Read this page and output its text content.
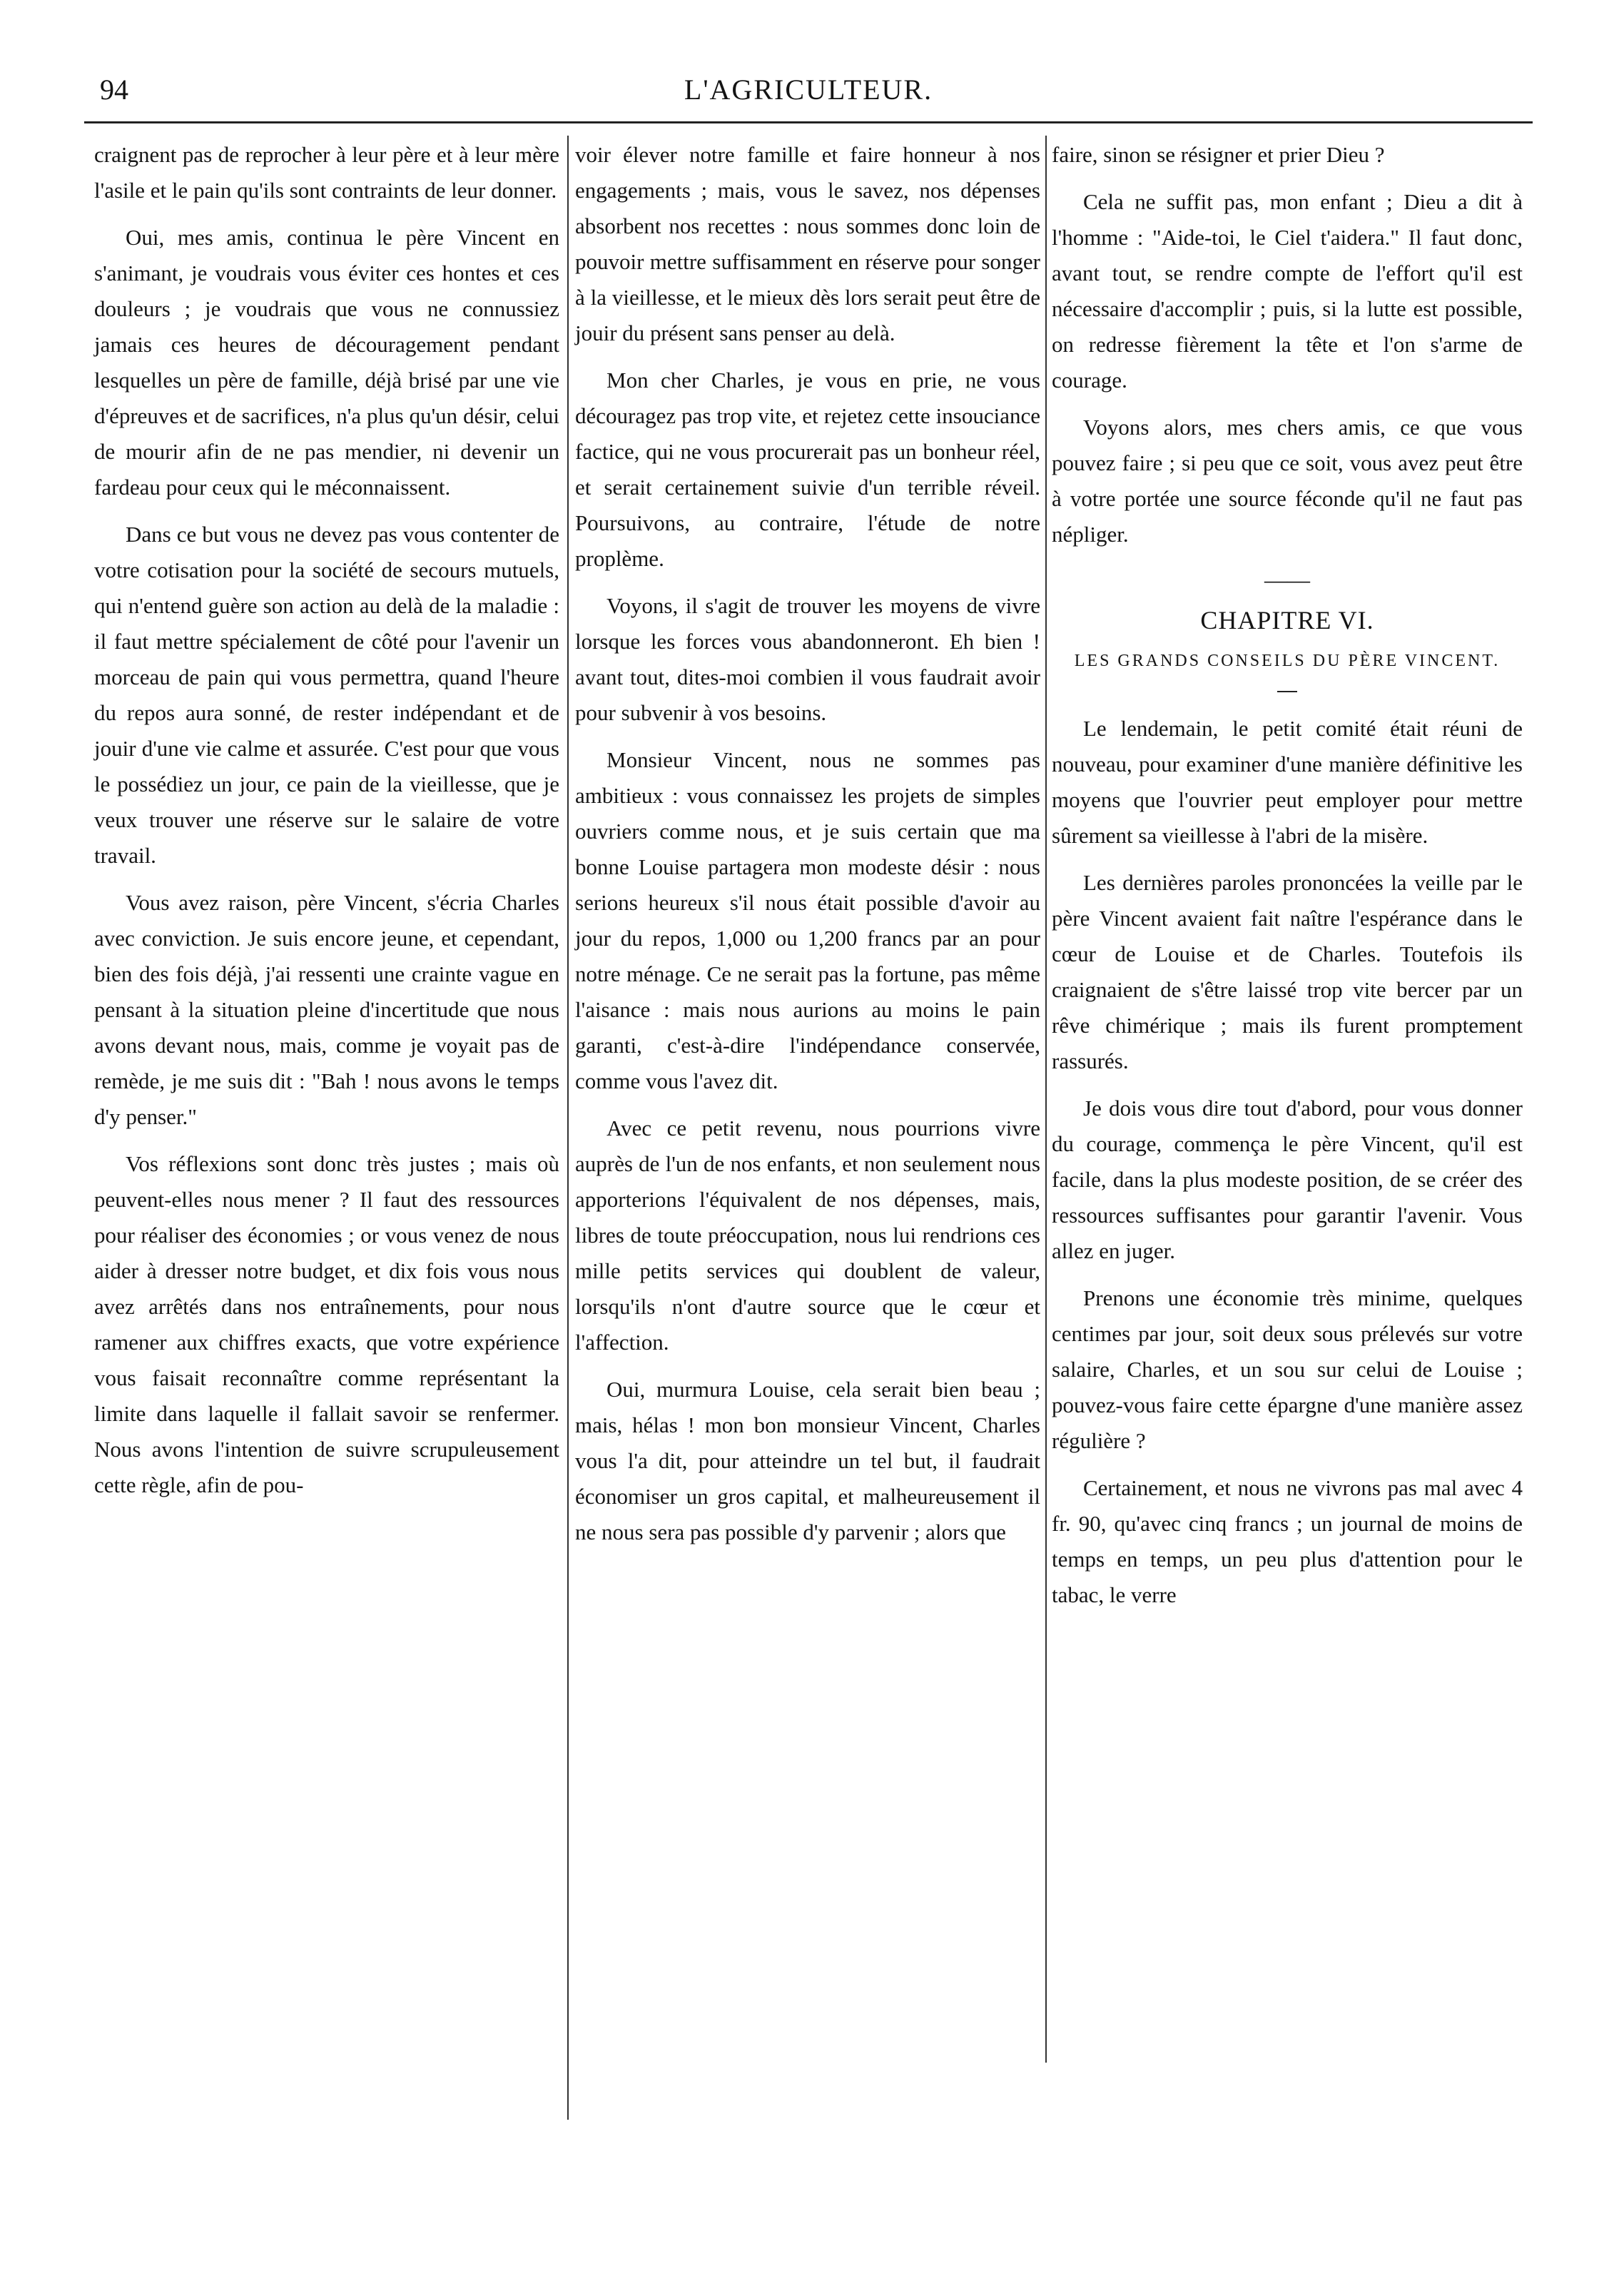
94	L'AGRICULTEUR.

craignent pas de reprocher à leur père et à leur mère l'asile et le pain qu'ils sont contraints de leur donner.

Oui, mes amis, continua le père Vincent en s'animant, je voudrais vous éviter ces hontes et ces douleurs ; je voudrais que vous ne connussiez jamais ces heures de découragement pendant lesquelles un père de famille, déjà brisé par une vie d'épreuves et de sacrifices, n'a plus qu'un désir, celui de mourir afin de ne pas mendier, ni devenir un fardeau pour ceux qui le méconnaissent.

Dans ce but vous ne devez pas vous contenter de votre cotisation pour la société de secours mutuels, qui n'entend guère son action au delà de la maladie : il faut mettre spécialement de côté pour l'avenir un morceau de pain qui vous permettra, quand l'heure du repos aura sonné, de rester indépendant et de jouir d'une vie calme et assurée. C'est pour que vous le possédiez un jour, ce pain de la vieillesse, que je veux trouver une réserve sur le salaire de votre travail.

Vous avez raison, père Vincent, s'écria Charles avec conviction. Je suis encore jeune, et cependant, bien des fois déjà, j'ai ressenti une crainte vague en pensant à la situation pleine d'incertitude que nous avons devant nous, mais, comme je voyait pas de remède, je me suis dit : "Bah ! nous avons le temps d'y penser."

Vos réflexions sont donc très justes ; mais où peuvent-elles nous mener ? Il faut des ressources pour réaliser des économies ; or vous venez de nous aider à dresser notre budget, et dix fois vous nous avez arrêtés dans nos entraînements, pour nous ramener aux chiffres exacts, que votre expérience vous faisait reconnaître comme représentant la limite dans laquelle il fallait savoir se renfermer. Nous avons l'intention de suivre scrupuleusement cette règle, afin de pou-

voir élever notre famille et faire honneur à nos engagements ; mais, vous le savez, nos dépenses absorbent nos recettes : nous sommes donc loin de pouvoir mettre suffisamment en réserve pour songer à la vieillesse, et le mieux dès lors serait peut être de jouir du présent sans penser au delà.

Mon cher Charles, je vous en prie, ne vous découragez pas trop vite, et rejetez cette insouciance factice, qui ne vous procurerait pas un bonheur réel, et serait certainement suivie d'un terrible réveil. Poursuivons, au contraire, l'étude de notre proplème.

Voyons, il s'agit de trouver les moyens de vivre lorsque les forces vous abandonneront. Eh bien ! avant tout, dites-moi combien il vous faudrait avoir pour subvenir à vos besoins.

Monsieur Vincent, nous ne sommes pas ambitieux : vous connaissez les projets de simples ouvriers comme nous, et je suis certain que ma bonne Louise partagera mon modeste désir : nous serions heureux s'il nous était possible d'avoir au jour du repos, 1,000 ou 1,200 francs par an pour notre ménage. Ce ne serait pas la fortune, pas même l'aisance : mais nous aurions au moins le pain garanti, c'est-à-dire l'indépendance conservée, comme vous l'avez dit.

Avec ce petit revenu, nous pourrions vivre auprès de l'un de nos enfants, et non seulement nous apporterions l'équivalent de nos dépenses, mais, libres de toute préoccupation, nous lui rendrions ces mille petits services qui doublent de valeur, lorsqu'ils n'ont d'autre source que le cœur et l'affection.

Oui, murmura Louise, cela serait bien beau ; mais, hélas ! mon bon monsieur Vincent, Charles vous l'a dit, pour atteindre un tel but, il faudrait économiser un gros capital, et malheureusement il ne nous sera pas possible d'y parvenir ; alors que

faire, sinon se résigner et prier Dieu ?

Cela ne suffit pas, mon enfant ; Dieu a dit à l'homme : "Aide-toi, le Ciel t'aidera." Il faut donc, avant tout, se rendre compte de l'effort qu'il est nécessaire d'accomplir ; puis, si la lutte est possible, on redresse fièrement la tête et l'on s'arme de courage.

Voyons alors, mes chers amis, ce que vous pouvez faire ; si peu que ce soit, vous avez peut être à votre portée une source féconde qu'il ne faut pas népliger.

——
CHAPITRE VI.
LES GRANDS CONSEILS DU PÈRE VINCENT.

Le lendemain, le petit comité était réuni de nouveau, pour examiner d'une manière définitive les moyens que l'ouvrier peut employer pour mettre sûrement sa vieillesse à l'abri de la misère.

Les dernières paroles prononcées la veille par le père Vincent avaient fait naître l'espérance dans le cœur de Louise et de Charles. Toutefois ils craignaient de s'être laissé trop vite bercer par un rêve chimérique ; mais ils furent promptement rassurés.

Je dois vous dire tout d'abord, pour vous donner du courage, commença le père Vincent, qu'il est facile, dans la plus modeste position, de se créer des ressources suffisantes pour garantir l'avenir. Vous allez en juger.

Prenons une économie très minime, quelques centimes par jour, soit deux sous prélevés sur votre salaire, Charles, et un sou sur celui de Louise ; pouvez-vous faire cette épargne d'une manière assez régulière ?

Certainement, et nous ne vivrons pas mal avec 4 fr. 90, qu'avec cinq francs ; un journal de moins de temps en temps, un peu plus d'attention pour le tabac, le verre
